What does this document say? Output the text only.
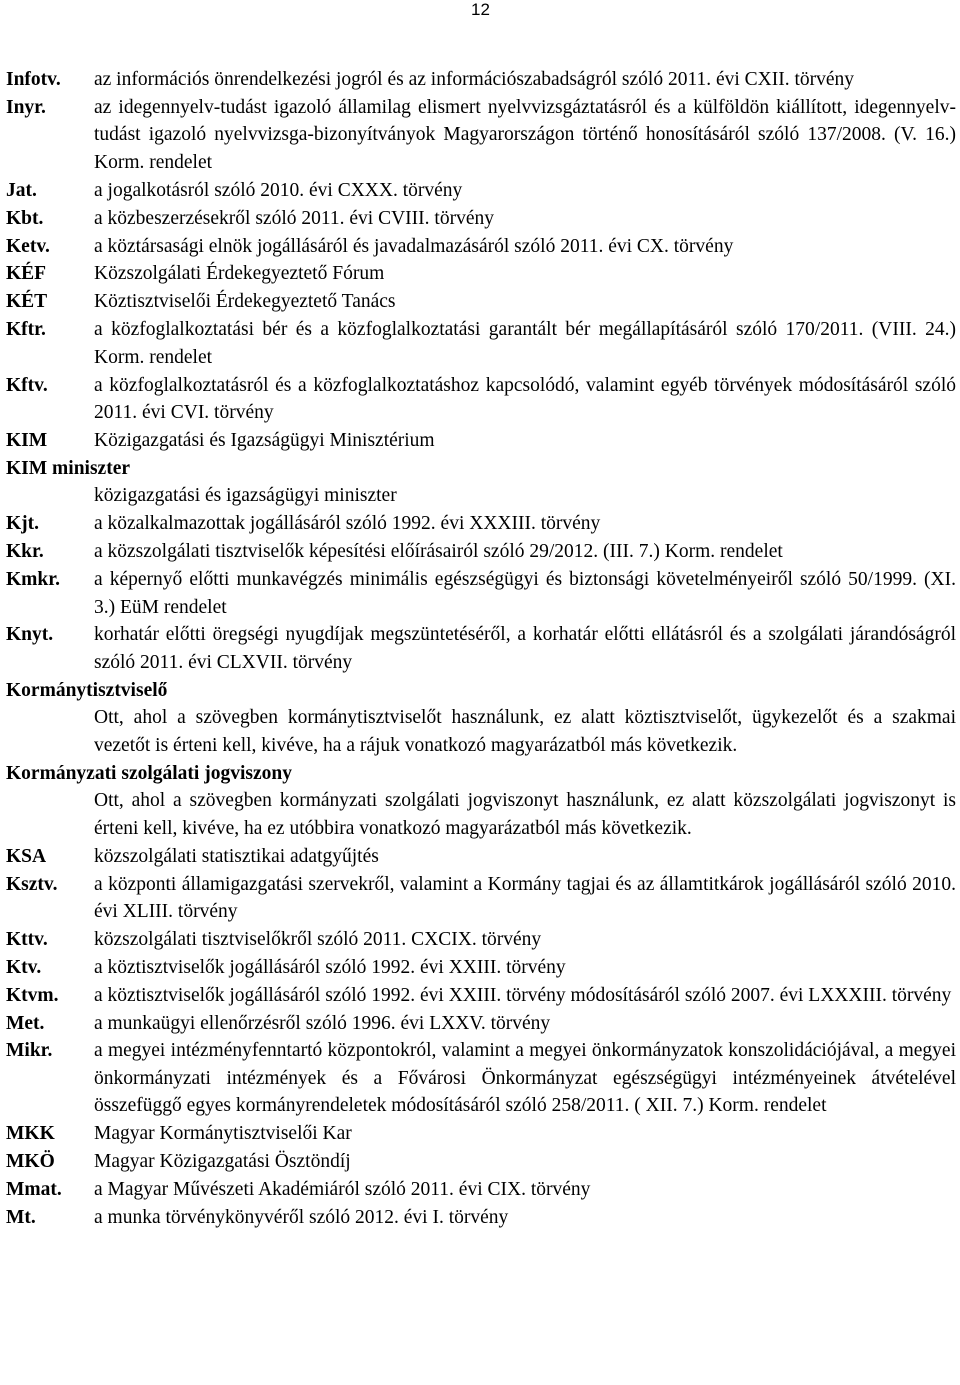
12
Infotv.	az információs önrendelkezési jogról és az információszabadságról szóló 2011. évi CXII. törvény
Inyr.	az idegennyelv-tudást igazoló államilag elismert nyelvvizsgáztatásról és a külföldön kiállított, idegennyelv-tudást igazoló nyelvvizsga-bizonyítványok Magyarországon történő honosításáról szóló 137/2008. (V. 16.) Korm. rendelet
Jat.	a jogalkotásról szóló 2010. évi CXXX. törvény
Kbt.	a közbeszerzésekről szóló 2011. évi CVIII. törvény
Ketv.	a köztársasági elnök jogállásáról és javadalmazásáról szóló 2011. évi CX. törvény
KÉF	Közszolgálati Érdekegyeztető Fórum
KÉT	Köztisztviselői Érdekegyeztető Tanács
Kftr.	a közfoglalkoztatási bér és a közfoglalkoztatási garantált bér megállapításáról szóló 170/2011. (VIII. 24.) Korm. rendelet
Kftv.	a közfoglalkoztatásról és a közfoglalkoztatáshoz kapcsolódó, valamint egyéb törvények módosításáról szóló 2011. évi CVI. törvény
KIM	Közigazgatási és Igazságügyi Minisztérium
KIM miniszter
közigazgatási és igazságügyi miniszter
Kjt.	a közalkalmazottak jogállásáról szóló 1992. évi XXXIII. törvény
Kkr.	a közszolgálati tisztviselők képesítési előírásairól szóló 29/2012. (III. 7.) Korm. rendelet
Kmkr.	a képernyő előtti munkavégzés minimális egészségügyi és biztonsági követelményeiről szóló 50/1999. (XI. 3.) EüM rendelet
Knyt.	korhatár előtti öregségi nyugdíjak megszüntetéséről, a korhatár előtti ellátásról és a szolgálati járandóságról szóló 2011. évi CLXVII. törvény
Kormánytisztviselő
Ott, ahol a szövegben kormánytisztviselőt használunk, ez alatt köztisztviselőt, ügykezelőt és a szakmai vezetőt is érteni kell, kivéve, ha a rájuk vonatkozó magyarázatból más következik.
Kormányzati szolgálati jogviszony
Ott, ahol a szövegben kormányzati szolgálati jogviszonyt használunk, ez alatt közszolgálati jogviszonyt is érteni kell, kivéve, ha ez utóbbira vonatkozó magyarázatból más következik.
KSA	közszolgálati statisztikai adatgyűjtés
Ksztv.	a központi államigazgatási szervekről, valamint a Kormány tagjai és az államtitkárok jogállásáról szóló 2010. évi XLIII. törvény
Kttv.	közszolgálati tisztviselőkről szóló 2011. CXCIX. törvény
Ktv.	a köztisztviselők jogállásáról szóló 1992. évi XXIII. törvény
Ktvm.	a köztisztviselők jogállásáról szóló 1992. évi XXIII. törvény módosításáról szóló 2007. évi LXXXIII. törvény
Met.	a munkaügyi ellenőrzésről szóló 1996. évi LXXV. törvény
Mikr.	a megyei intézményfenntartó központokról, valamint a megyei önkormányzatok konszolidációjával, a megyei önkormányzati intézmények és a Fővárosi Önkormányzat egészségügyi intézményeinek átvételével összefüggő egyes kormányrendeletek módosításáról szóló 258/2011. ( XII. 7.) Korm. rendelet
MKK	Magyar Kormánytisztviselői Kar
MKÖ	Magyar Közigazgatási Ösztöndíj
Mmat.	a Magyar Művészeti Akadémiáról szóló 2011. évi CIX. törvény
Mt.	a munka törvénykönyvéről szóló 2012. évi I. törvény
